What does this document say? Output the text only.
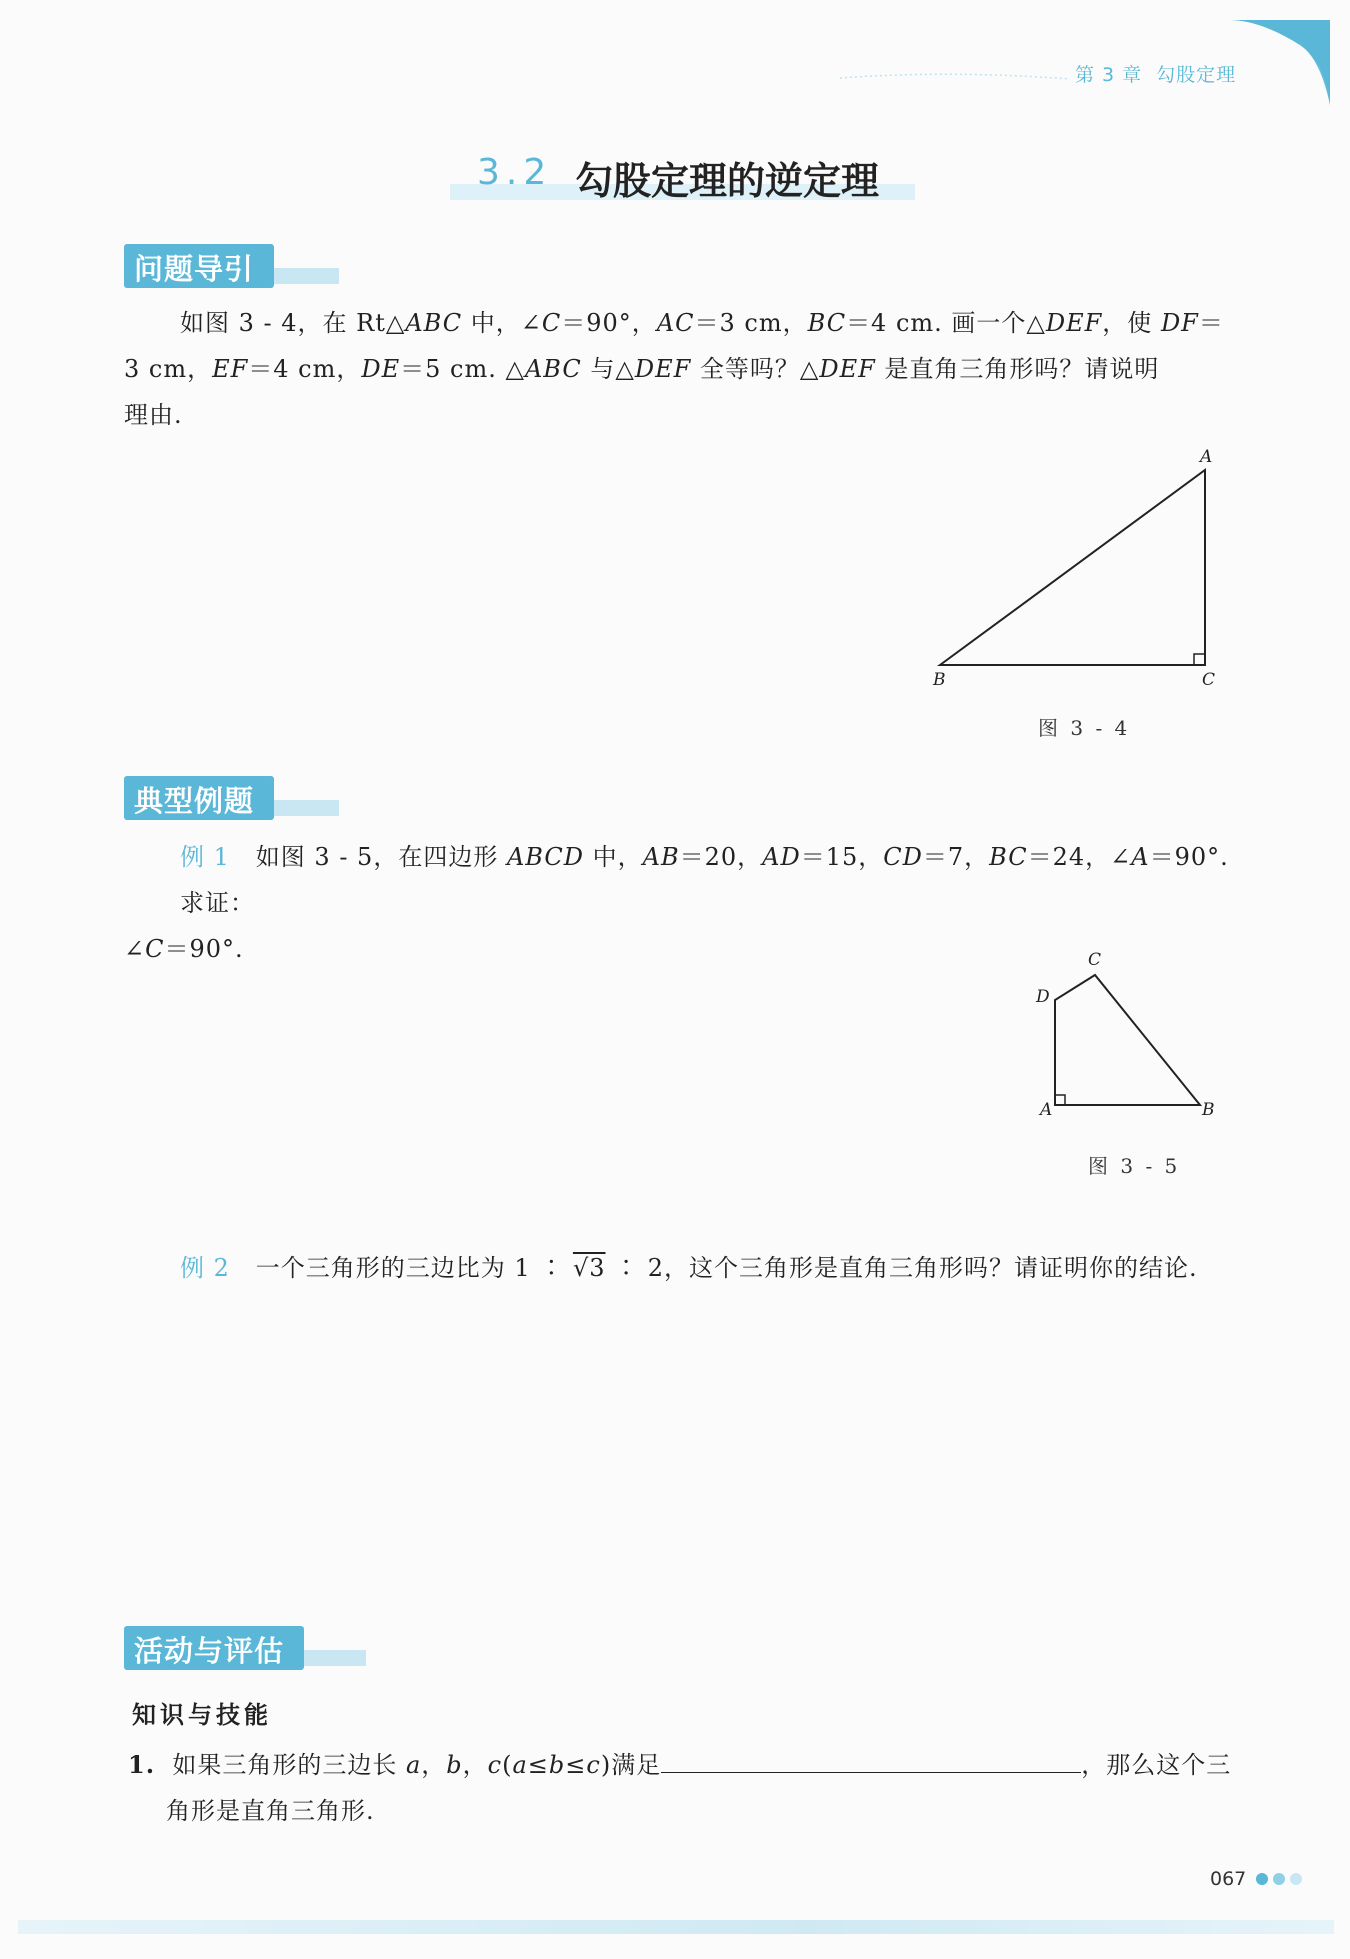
第 3 章 勾股定理
3.2 勾股定理的逆定理
问题导引
如图 3 - 4，在 Rt△ABC 中，∠C＝90°，AC＝3 cm，BC＝4 cm. 画一个△DEF，使 DF＝
3 cm，EF＝4 cm，DE＝5 cm. △ABC 与△DEF 全等吗？△DEF 是直角三角形吗？请说明
理由.
A
B	C
图 3 - 4
典型例题
例 1 如图 3 - 5，在四边形 ABCD 中，AB＝20，AD＝15，CD＝7，BC＝24，∠A＝90°. 求证：
∠C＝90°.
A	B
C
D
图 3 - 5
例 2 一个三角形的三边比为 1 ∶ √3 ∶ 2，这个三角形是直角三角形吗？请证明你的结论.
活动与评估
知识与技能
1. 如果三角形的三边长 a，b，c(a≤b≤c)满足	，那么这个三
角形是直角三角形.
067
